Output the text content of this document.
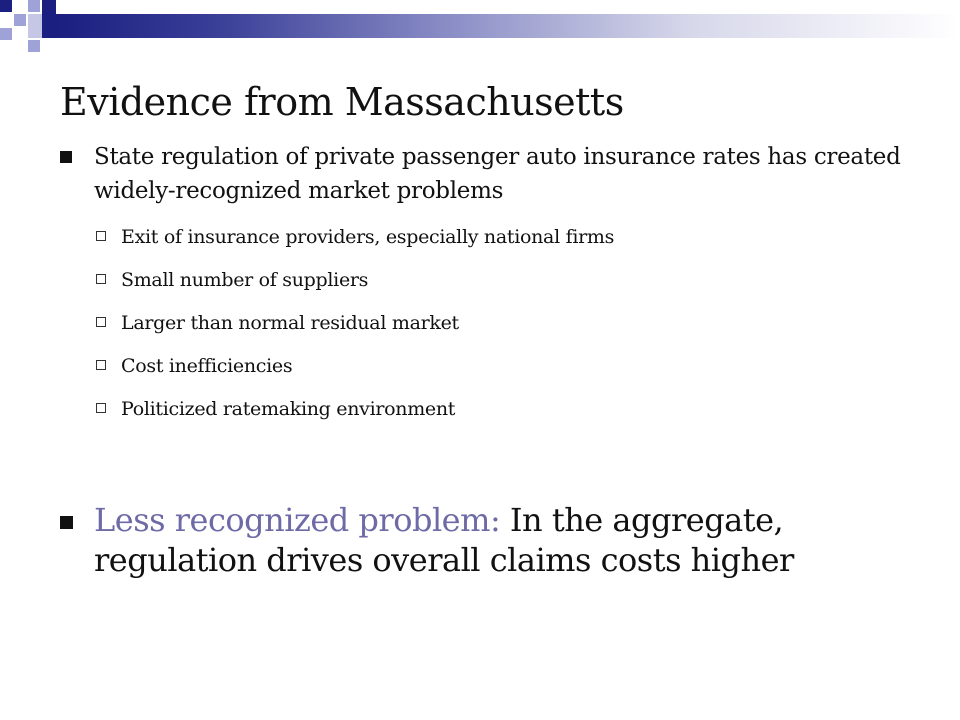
Evidence from Massachusetts
State regulation of private passenger auto insurance rates has created widely-recognized market problems
Exit of insurance providers, especially national firms
Small number of suppliers
Larger than normal residual market
Cost inefficiencies
Politicized ratemaking environment
Less recognized problem: In the aggregate, regulation drives overall claims costs higher
